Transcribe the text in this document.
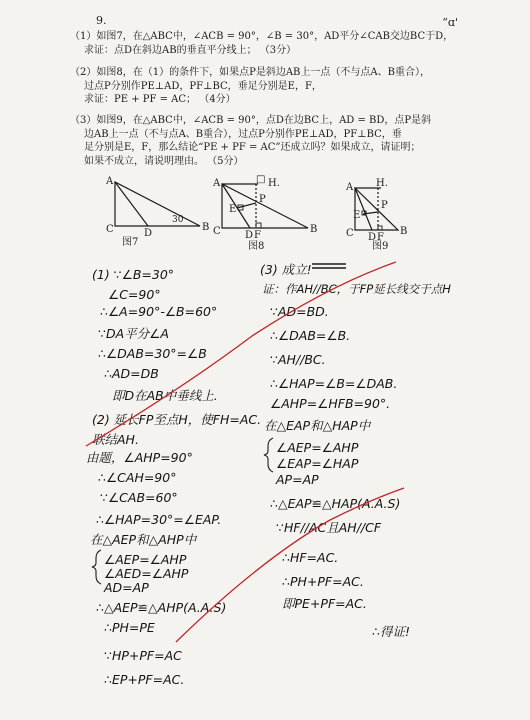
9.	“ɑ'
（1）如图7，在△ABC中，∠ACB = 90°，∠B = 30°，AD平分∠CAB交边BC于D，
求证：点D在斜边AB的垂直平分线上； （3分）
（2）如图8，在（1）的条件下，如果点P是斜边AB上一点（不与点A、B重合），
过点P分别作PE⊥AD，PF⊥BC，垂足分别是E，F，
求证：PE + PF = AC； （4分）
（3）如图9，在△ABC中，∠ACB = 90°，点D在边BC上，AD = BD，点P是斜
边AB上一点（不与点A、B重合），过点P分别作PE⊥AD，PF⊥BC，垂
足分别是E，F，那么结论“PE + PF = AC”还成立吗？如果成立，请证明；
如果不成立，请说明理由。 （5分）
A
C	D
B
30
图7
A	□ H.
P
E
C D F
B
图8
A H.
P
E
C D F
B
图9
(1) ∵∠B=30°
∠C=90°
∴∠A=90°-∠B=60°
∵DA平分∠A
∴∠DAB=30°=∠B
∴AD=DB
即D在AB中垂线上.
(2) 延长FP至点H，使FH=AC.
联结AH.
由题，∠AHP=90°
∴∠CAH=90°
∵∠CAB=60°
∴∠HAP=30°=∠EAP.
在△AEP和△AHP中
∠AEP=∠AHP
∠AED=∠AHP
AD=AP
∴△AEP≌△AHP(A.A.S)
∴PH=PE
∵HP+PF=AC
∴EP+PF=AC.
(3) 成立!
证：作AH//BC，于FP延长线交于点H
∵AD=BD.
∴∠DAB=∠B.
∵AH//BC.
∴∠HAP=∠B=∠DAB.
∠AHP=∠HFB=90°.
在△EAP和△HAP中
∠AEP=∠AHP
∠EAP=∠HAP
AP=AP
∴△EAP≌△HAP(A.A.S)
∵HF//AC且AH//CF
∴HF=AC.
∴PH+PF=AC.
即PE+PF=AC.
∴得证!
